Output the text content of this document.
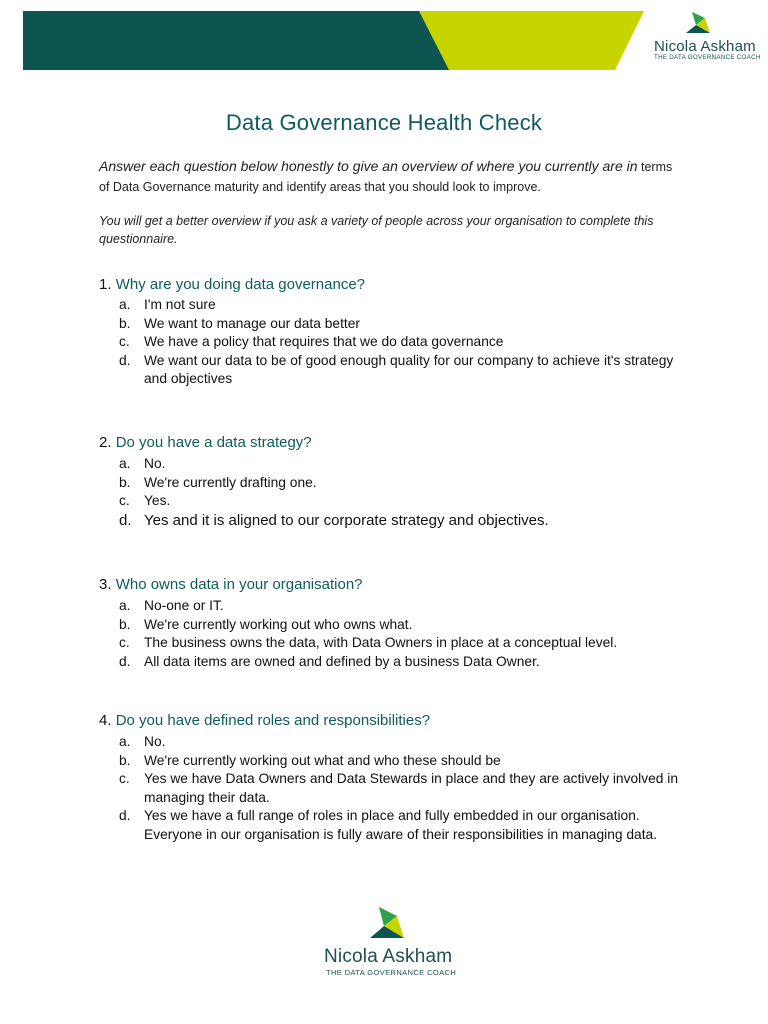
Nicola Askham
THE DATA GOVERNANCE COACH
Data Governance Health Check
Answer each question below honestly to give an overview of where you currently are in terms of Data Governance maturity and identify areas that you should look to improve.
You will get a better overview if you ask a variety of people across your organisation to complete this questionnaire.
1. Why are you doing data governance?
a. I'm not sure
b. We want to manage our data better
c. We have a policy that requires that we do data governance
d. We want our data to be of good enough quality for our company to achieve it's strategy and objectives
2. Do you have a data strategy?
a. No.
b. We're currently drafting one.
c. Yes.
d. Yes and it is aligned to our corporate strategy and objectives.
3. Who owns data in your organisation?
a. No-one or IT.
b. We're currently working out who owns what.
c. The business owns the data, with Data Owners in place at a conceptual level.
d. All data items are owned and defined by a business Data Owner.
4. Do you have defined roles and responsibilities?
a. No.
b. We're currently working out what and who these should be
c. Yes we have Data Owners and Data Stewards in place and they are actively involved in managing their data.
d. Yes we have a full range of roles in place and fully embedded in our organisation. Everyone in our organisation is fully aware of their responsibilities in managing data.
Nicola Askham
THE DATA GOVERNANCE COACH
